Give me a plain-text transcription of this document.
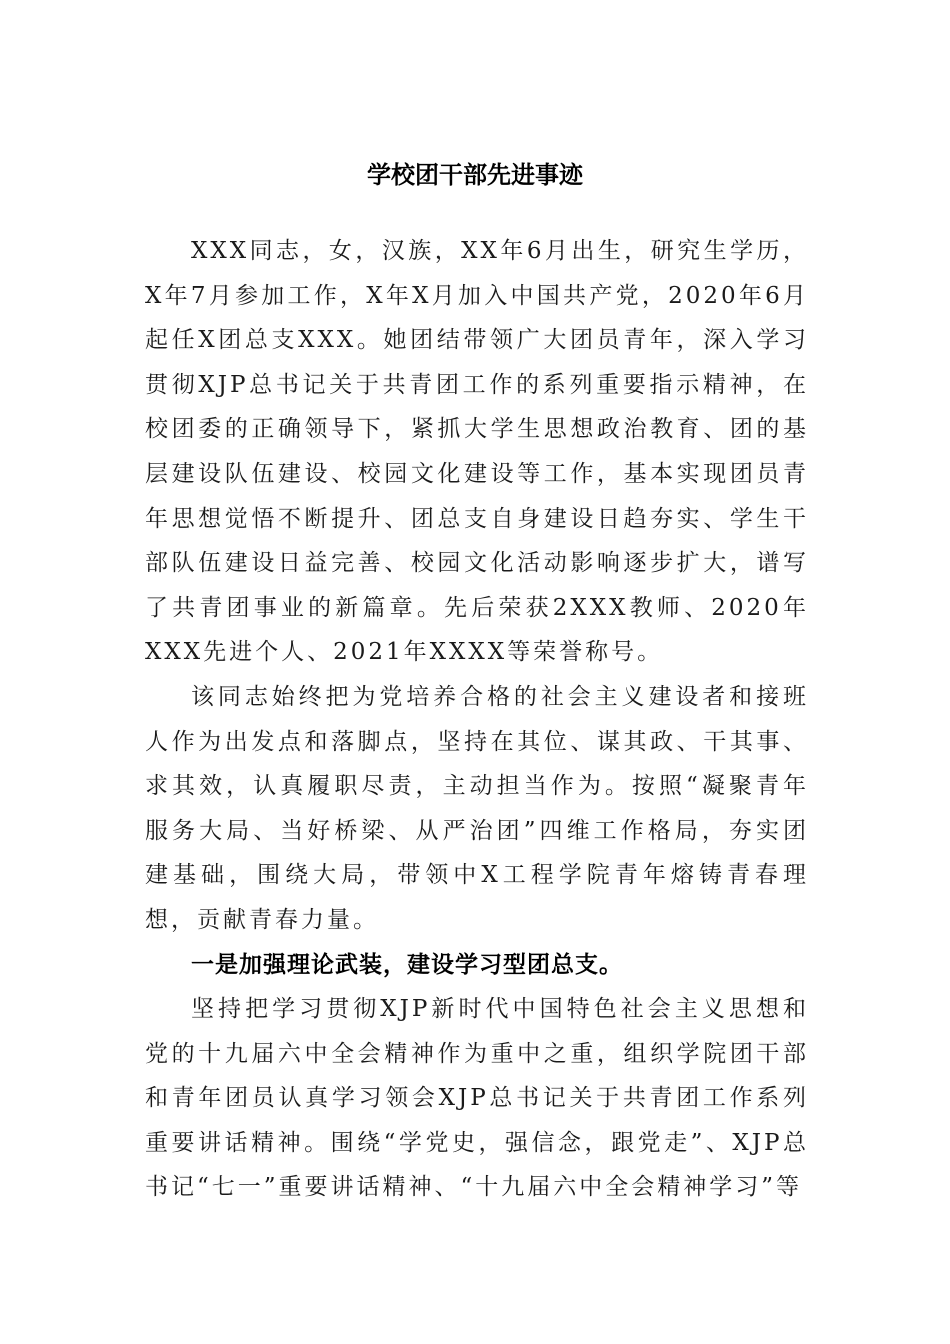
学校团干部先进事迹

XXX同志，女，汉族，XX年6月出生，研究生学历，X年7月参加工作，X年X月加入中国共产党，2020年6月起任X团总支XXX。她团结带领广大团员青年，深入学习贯彻XJP总书记关于共青团工作的系列重要指示精神，在校团委的正确领导下，紧抓大学生思想政治教育、团的基层建设队伍建设、校园文化建设等工作，基本实现团员青年思想觉悟不断提升、团总支自身建设日趋夯实、学生干部队伍建设日益完善、校园文化活动影响逐步扩大，谱写了共青团事业的新篇章。先后荣获2XXX教师、2020年XXX先进个人、2021年XXXX等荣誉称号。

该同志始终把为党培养合格的社会主义建设者和接班人作为出发点和落脚点，坚持在其位、谋其政、干其事、求其效，认真履职尽责，主动担当作为。按照“凝聚青年服务大局、当好桥梁、从严治团”四维工作格局，夯实团建基础，围绕大局，带领中X工程学院青年熔铸青春理想，贡献青春力量。

一是加强理论武装，建设学习型团总支。

坚持把学习贯彻XJP新时代中国特色社会主义思想和党的十九届六中全会精神作为重中之重，组织学院团干部和青年团员认真学习领会XJP总书记关于共青团工作系列重要讲话精神。围绕“学党史，强信念，跟党走”、XJP总书记“七一”重要讲话精神、“十九届六中全会精神学习”等
